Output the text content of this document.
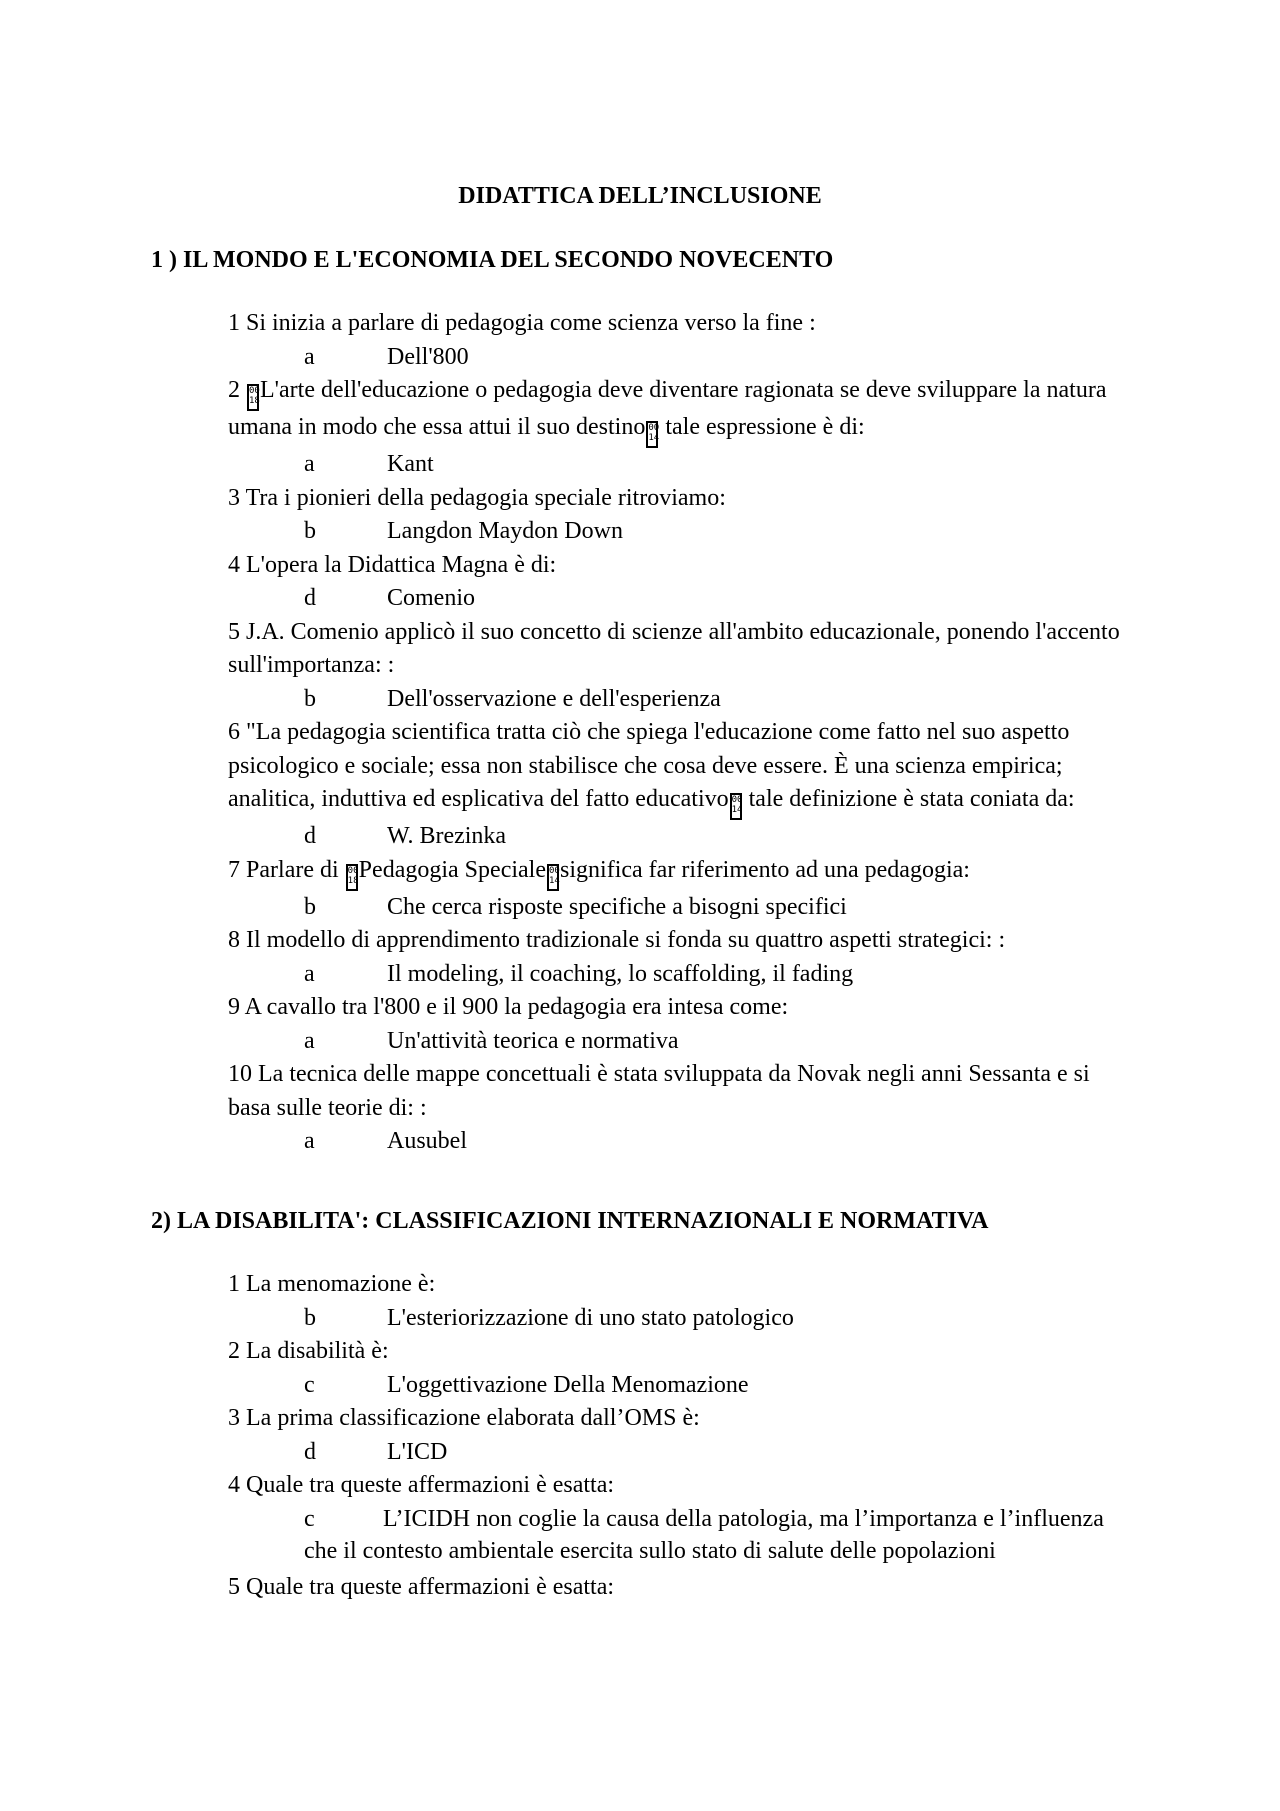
DIDATTICA DELL’INCLUSIONE
1 ) IL MONDO E L'ECONOMIA DEL SECONDO NOVECENTO
1 Si inizia a parlare di pedagogia come scienza verso la fine :
a	Dell'800
2 00
18L'arte dell'educazione o pedagogia deve diventare ragionata se deve sviluppare la natura umana in modo che essa attui il suo destino 00
14 tale espressione è di:
a	Kant
3 Tra i pionieri della pedagogia speciale ritroviamo:
b	Langdon Maydon Down
4 L'opera la Didattica Magna è di:
d	Comenio
5 J.A. Comenio applicò il suo concetto di scienze all'ambito educazionale, ponendo l'accento sull'importanza: :
b	Dell'osservazione e dell'esperienza
6 "La pedagogia scientifica tratta ciò che spiega l'educazione come fatto nel suo aspetto psicologico e sociale; essa non stabilisce che cosa deve essere. È una scienza empirica; analitica, induttiva ed esplicativa del fatto educativo 00
14 tale definizione è stata coniata da:
d	W. Brezinka
7 Parlare di 00
18Pedagogia Speciale 00
14significa far riferimento ad una pedagogia:
b	Che cerca risposte specifiche a bisogni specifici
8 Il modello di apprendimento tradizionale si fonda su quattro aspetti strategici: :
a	Il modeling, il coaching, lo scaffolding, il fading
9 A cavallo tra l'800 e il 900 la pedagogia era intesa come:
a	Un'attività teorica e normativa
10 La tecnica delle mappe concettuali è stata sviluppata da Novak negli anni Sessanta e si basa sulle teorie di: :
a	Ausubel
2) LA DISABILITA': CLASSIFICAZIONI INTERNAZIONALI E NORMATIVA
1 La menomazione è:
b	L'esteriorizzazione di uno stato patologico
2 La disabilità è:
c	L'oggettivazione Della Menomazione
3 La prima classificazione elaborata dall’OMS è:
d	L'ICD
4 Quale tra queste affermazioni è esatta:
c	L’ICIDH non coglie la causa della patologia, ma l’importanza e l’influenza che il contesto ambientale esercita sullo stato di salute delle popolazioni
5 Quale tra queste affermazioni è esatta:
